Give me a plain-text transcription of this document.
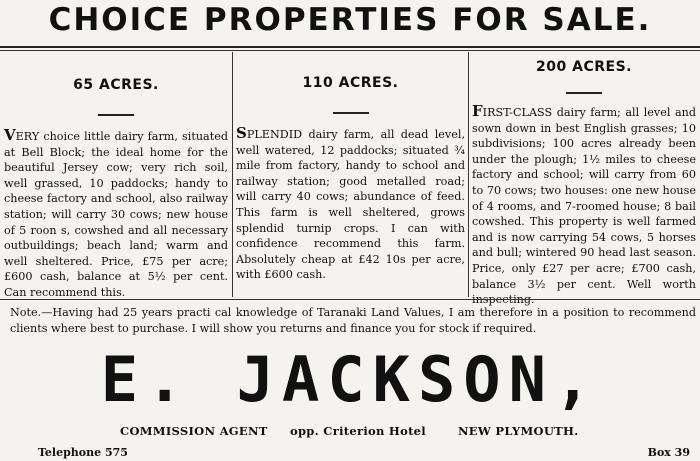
CHOICE PROPERTIES FOR SALE.
65 ACRES.
VERY choice little dairy farm, situated at Bell Block; the ideal home for the beautiful Jersey cow; very rich soil, well grassed, 10 paddocks; handy to cheese factory and school, also railway station; will carry 30 cows; new house of 5 roon s, cowshed and all necessary outbuildings; beach land; warm and well sheltered. Price, £75 per acre; £600 cash, balance at 5½ per cent. Can recommend this.
110 ACRES.
SPLENDID dairy farm, all dead level, well watered, 12 paddocks; situated ¾ mile from factory, handy to school and railway station; good metalled road; will carry 40 cows; abundance of feed. This farm is well sheltered, grows splendid turnip crops. I can with confidence recommend this farm. Absolutely cheap at £42 10s per acre, with £600 cash.
200 ACRES.
FIRST-CLASS dairy farm; all level and sown down in best English grasses; 10 subdivisions; 100 acres already been under the plough; 1½ miles to cheese factory and school; will carry from 60 to 70 cows; two houses: one new house of 4 rooms, and 7-roomed house; 8 bail cowshed. This property is well farmed and is now carrying 54 cows, 5 horses and bull; wintered 90 head last season. Price, only £27 per acre; £700 cash, balance 3½ per cent. Well worth inspecting.
Note.—Having had 25 years practi cal knowledge of Taranaki Land Values, I am therefore in a position to recommend clients where best to purchase. I will show you returns and finance you for stock if required.
E. JACKSON,
COMMISSION AGENT opp. Criterion Hotel	NEW PLYMOUTH.
Telephone 575	Box 39
